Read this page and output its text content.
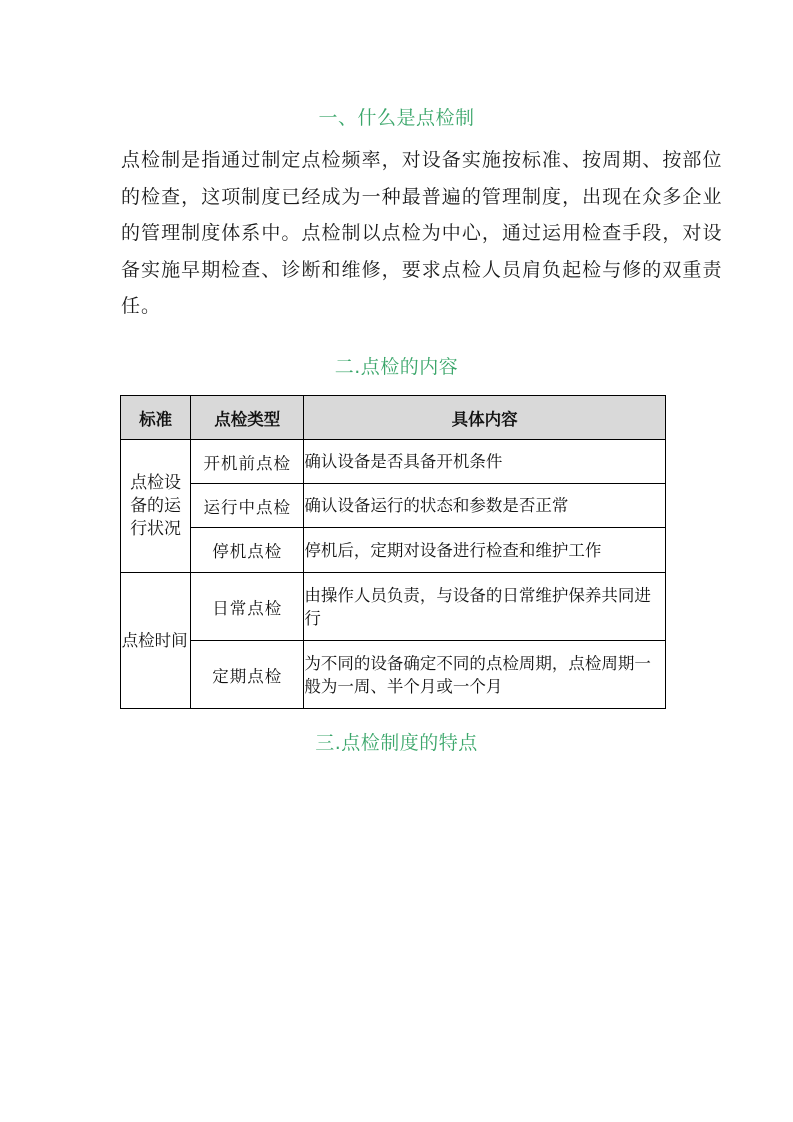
一、什么是点检制
点检制是指通过制定点检频率，对设备实施按标准、按周期、按部位
的检查，这项制度已经成为一种最普遍的管理制度，出现在众多企业
的管理制度体系中。点检制以点检为中心，通过运用检查手段，对设
备实施早期检查、诊断和维修，要求点检人员肩负起检与修的双重责
任。
二.点检的内容
标准	点检类型	具体内容

点检设备的运行状况	开机前点检	确认设备是否具备开机条件
	运行中点检	确认设备运行的状态和参数是否正常
	停机点检	停机后，定期对设备进行检查和维护工作

点检时间	日常点检	由操作人员负责，与设备的日常维护保养共同进行
	定期点检	为不同的设备确定不同的点检周期，点检周期一般为一周、半个月或一个月
三.点检制度的特点
